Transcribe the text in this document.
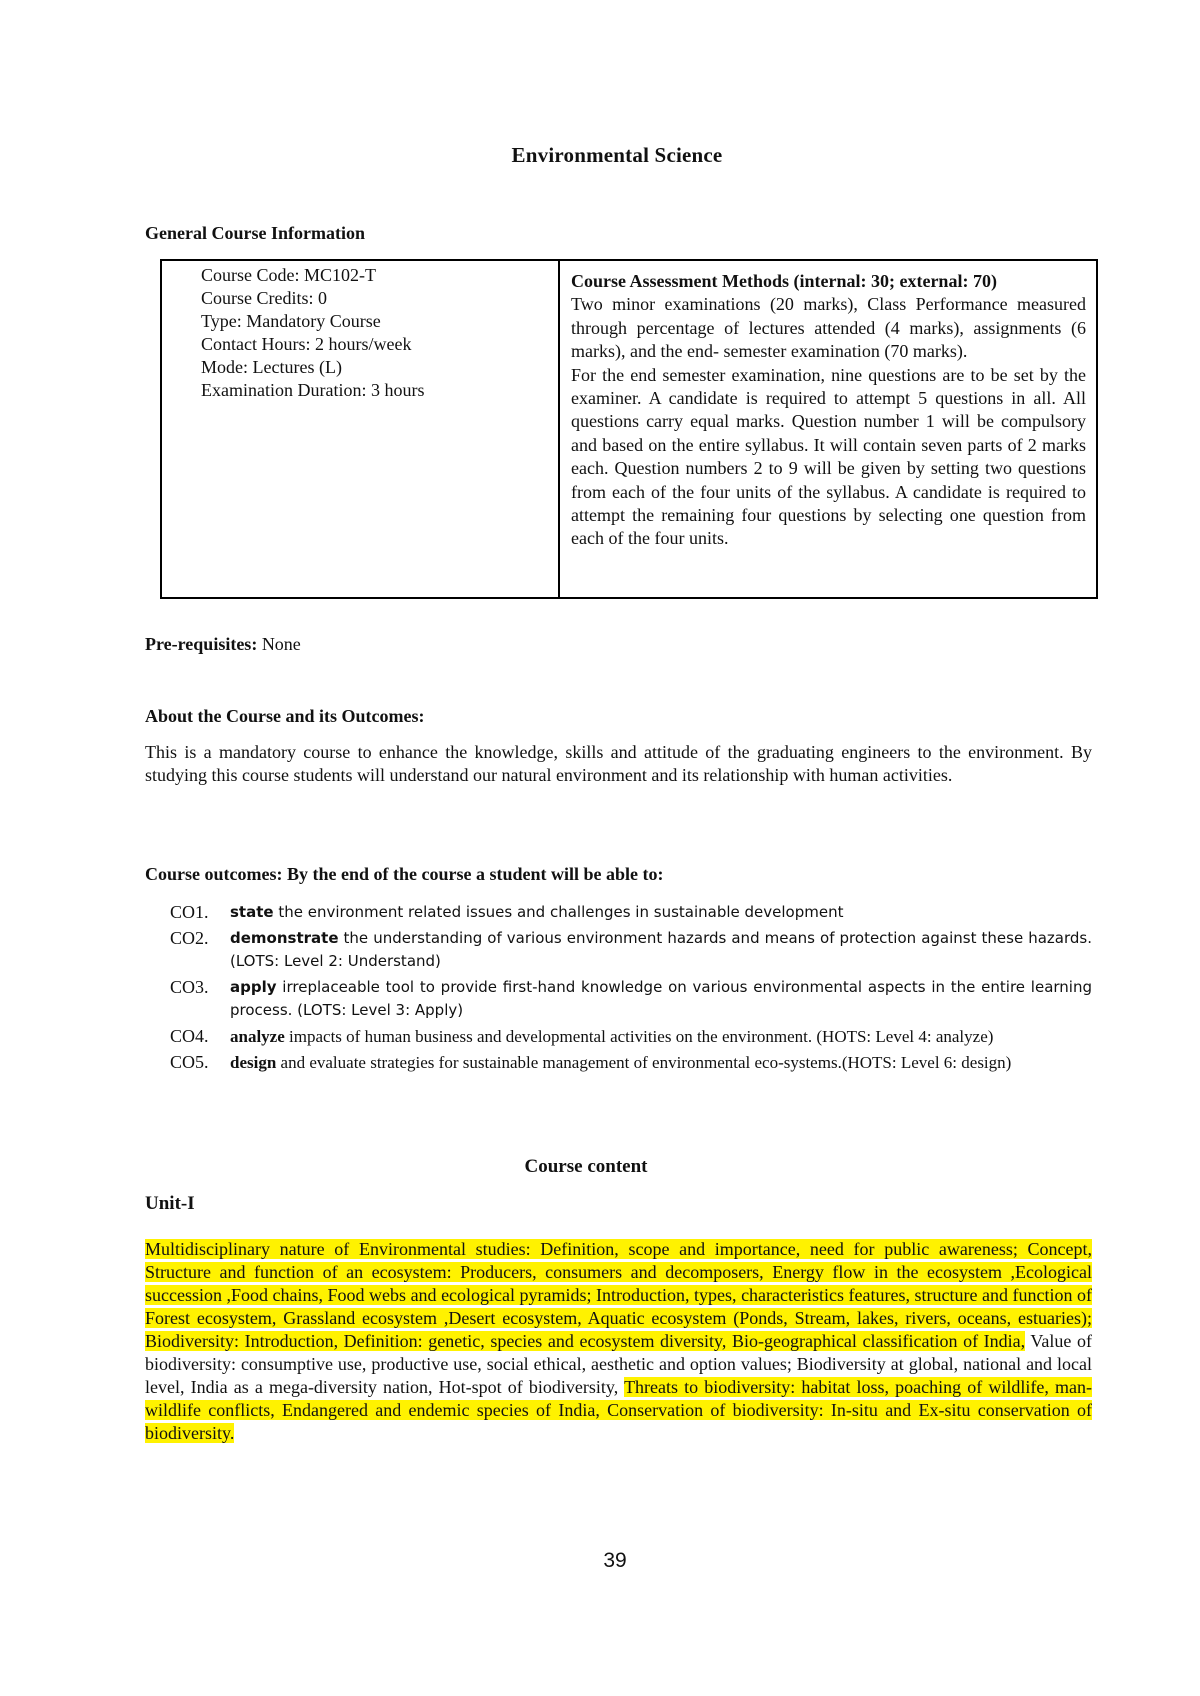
Environmental Science
General Course Information
Course Code: MC102-T
Course Credits: 0
Type: Mandatory Course
Contact Hours: 2 hours/week
Mode: Lectures (L)
Examination Duration: 3 hours
Course Assessment Methods (internal: 30; external: 70)
Two minor examinations (20 marks), Class Performance measured through percentage of lectures attended (4 marks), assignments (6 marks), and the end- semester examination (70 marks).
For the end semester examination, nine questions are to be set by the examiner. A candidate is required to attempt 5 questions in all. All questions carry equal marks. Question number 1 will be compulsory and based on the entire syllabus. It will contain seven parts of 2 marks each. Question numbers 2 to 9 will be given by setting two questions from each of the four units of the syllabus. A candidate is required to attempt the remaining four questions by selecting one question from each of the four units.
Pre-requisites: None
About the Course and its Outcomes:
This is a mandatory course to enhance the knowledge, skills and attitude of the graduating engineers to the environment. By studying this course students will understand our natural environment and its relationship with human activities.
Course outcomes: By the end of the course a student will be able to:
CO1.	state the environment related issues and challenges in sustainable development
CO2.	demonstrate the understanding of various environment hazards and means of protection against these hazards. (LOTS: Level 2: Understand)
CO3.	apply irreplaceable tool to provide first-hand knowledge on various environmental aspects in the entire learning process. (LOTS: Level 3: Apply)
CO4.	analyze impacts of human business and developmental activities on the environment. (HOTS: Level 4: analyze)
CO5.	design and evaluate strategies for sustainable management of environmental eco-systems.(HOTS: Level 6: design)
Course content
Unit-I
Multidisciplinary nature of Environmental studies: Definition, scope and importance, need for public awareness; Concept, Structure and function of an ecosystem: Producers, consumers and decomposers, Energy flow in the ecosystem ,Ecological succession ,Food chains, Food webs and ecological pyramids; Introduction, types, characteristics features, structure and function of Forest ecosystem, Grassland ecosystem ,Desert ecosystem, Aquatic ecosystem (Ponds, Stream, lakes, rivers, oceans, estuaries); Biodiversity: Introduction, Definition: genetic, species and ecosystem diversity, Bio-geographical classification of India, Value of biodiversity: consumptive use, productive use, social ethical, aesthetic and option values; Biodiversity at global, national and local level, India as a mega-diversity nation, Hot-spot of biodiversity, Threats to biodiversity: habitat loss, poaching of wildlife, man-wildlife conflicts, Endangered and endemic species of India, Conservation of biodiversity: In-situ and Ex-situ conservation of biodiversity.
39
